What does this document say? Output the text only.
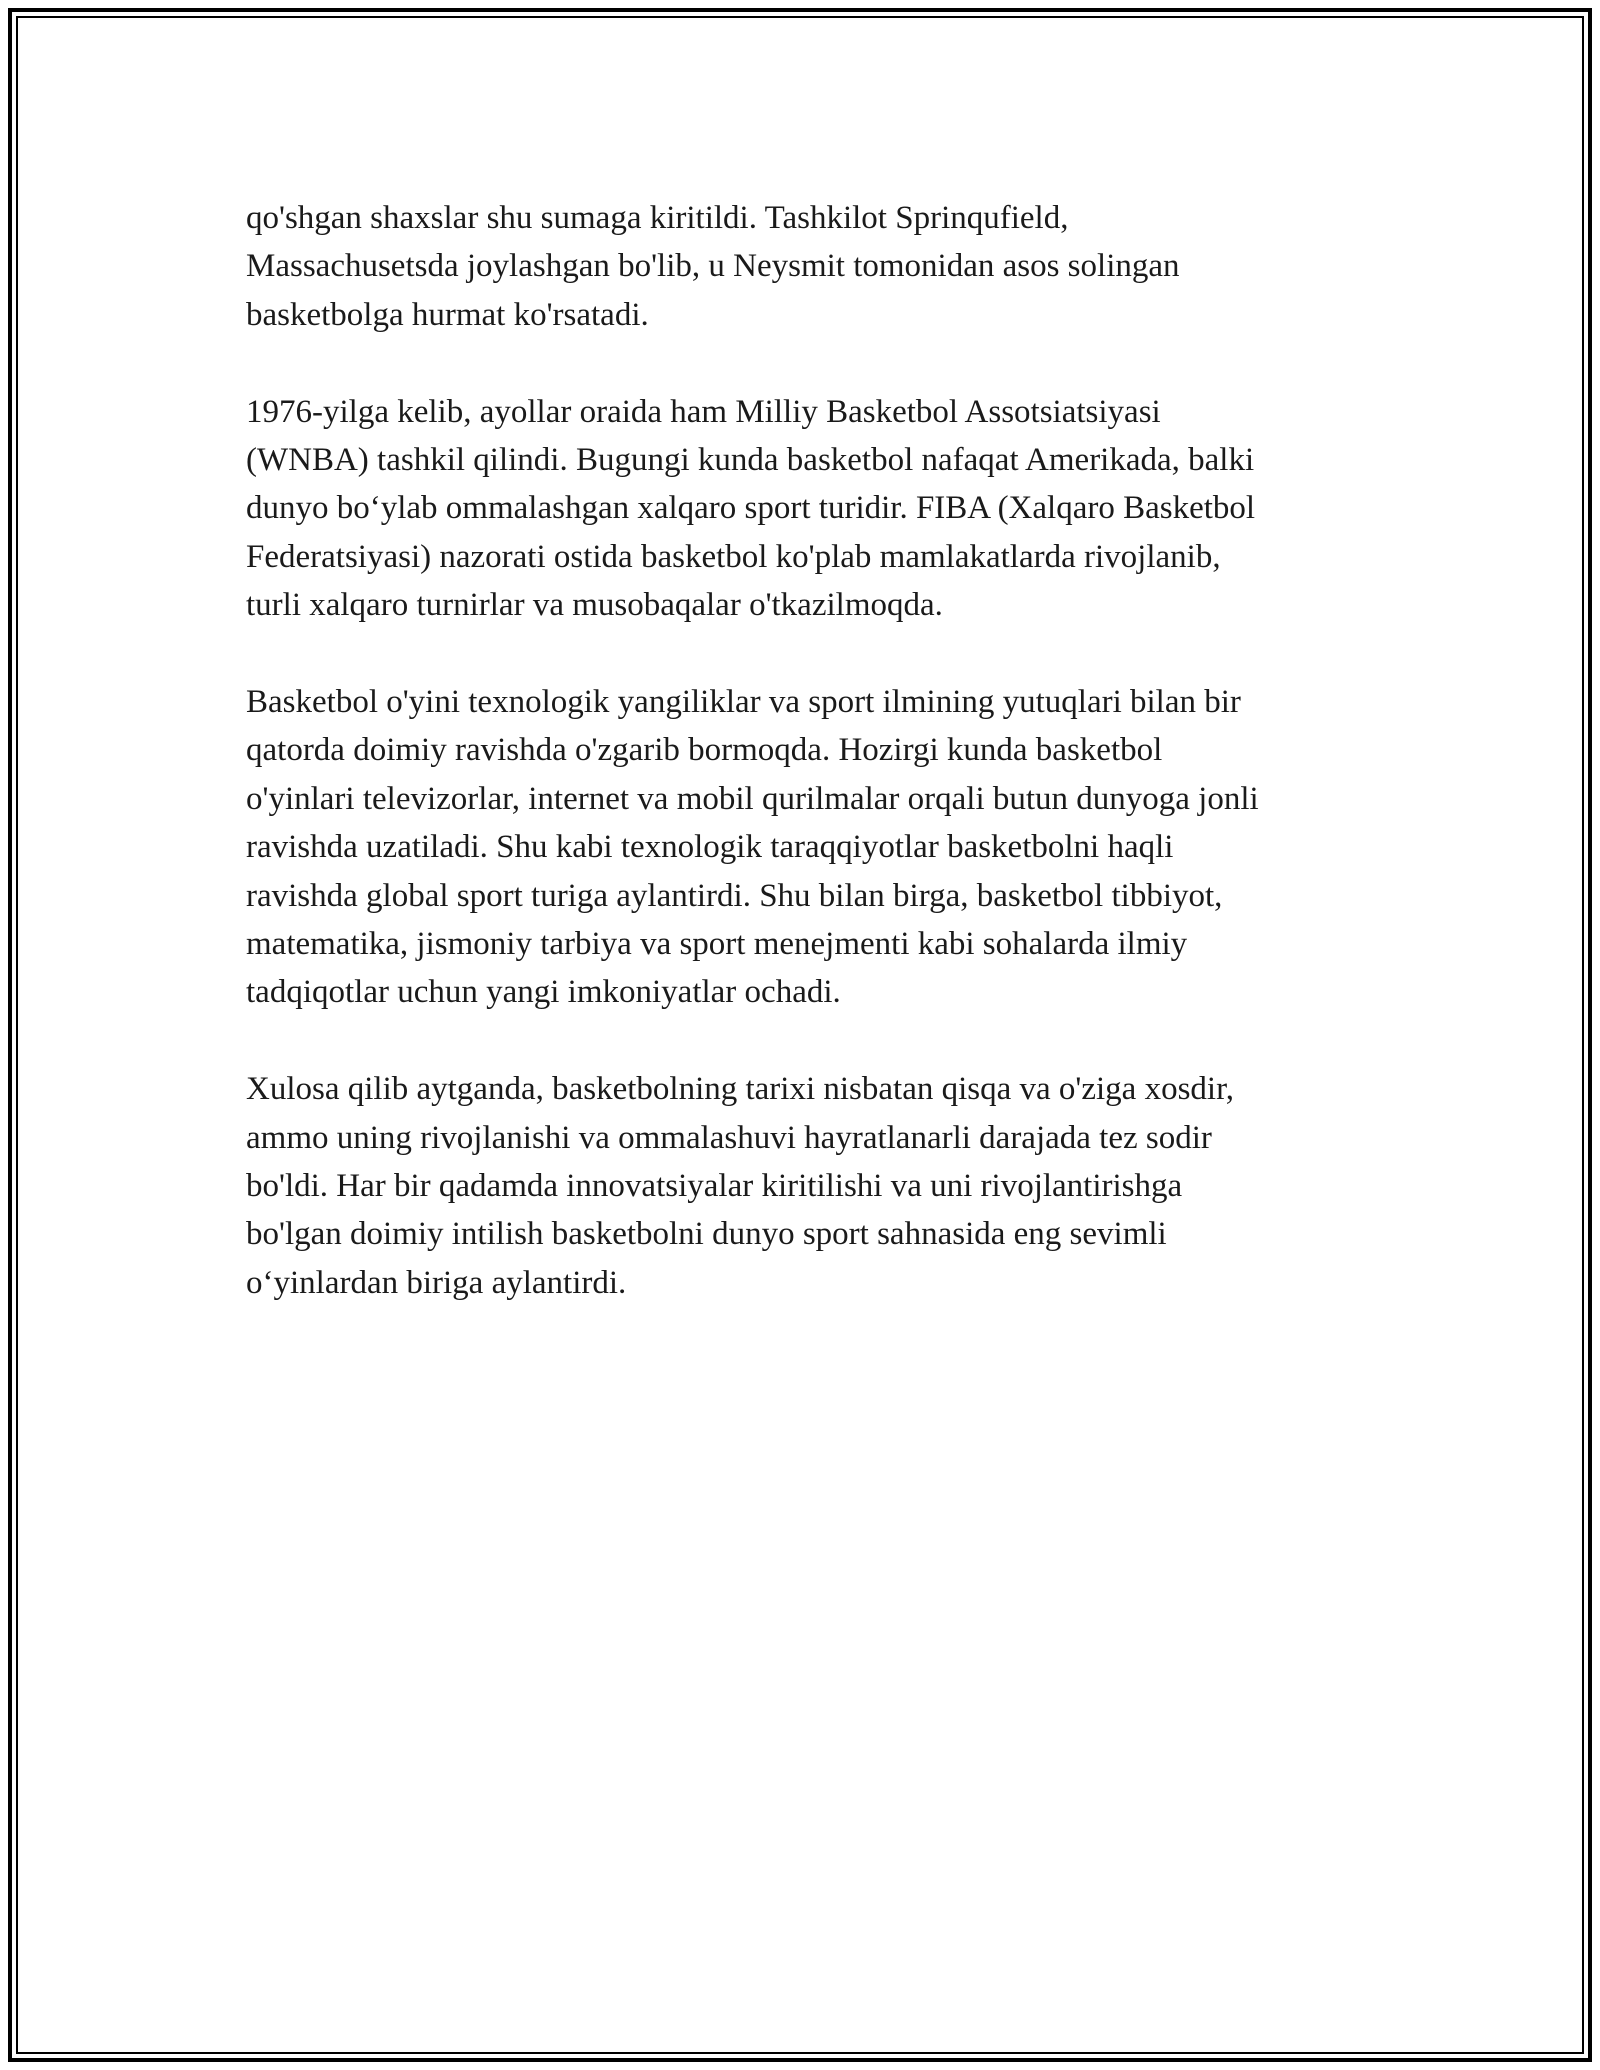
qo'shgan shaxslar shu sumaga kiritildi. Tashkilot Sprinqufield,
Massachusetsda joylashgan bo'lib, u Neysmit tomonidan asos solingan
basketbolga hurmat ko'rsatadi.

1976-yilga kelib, ayollar oraida ham Milliy Basketbol Assotsiatsiyasi
(WNBA) tashkil qilindi. Bugungi kunda basketbol nafaqat Amerikada, balki
dunyo bo‘ylab ommalashgan xalqaro sport turidir. FIBA (Xalqaro Basketbol
Federatsiyasi) nazorati ostida basketbol ko'plab mamlakatlarda rivojlanib,
turli xalqaro turnirlar va musobaqalar o'tkazilmoqda.

Basketbol o'yini texnologik yangiliklar va sport ilmining yutuqlari bilan bir
qatorda doimiy ravishda o'zgarib bormoqda. Hozirgi kunda basketbol
o'yinlari televizorlar, internet va mobil qurilmalar orqali butun dunyoga jonli
ravishda uzatiladi. Shu kabi texnologik taraqqiyotlar basketbolni haqli
ravishda global sport turiga aylantirdi. Shu bilan birga, basketbol tibbiyot,
matematika, jismoniy tarbiya va sport menejmenti kabi sohalarda ilmiy
tadqiqotlar uchun yangi imkoniyatlar ochadi.

Xulosa qilib aytganda, basketbolning tarixi nisbatan qisqa va o'ziga xosdir,
ammo uning rivojlanishi va ommalashuvi hayratlanarli darajada tez sodir
bo'ldi. Har bir qadamda innovatsiyalar kiritilishi va uni rivojlantirishga
bo'lgan doimiy intilish basketbolni dunyo sport sahnasida eng sevimli
o‘yinlardan biriga aylantirdi.
